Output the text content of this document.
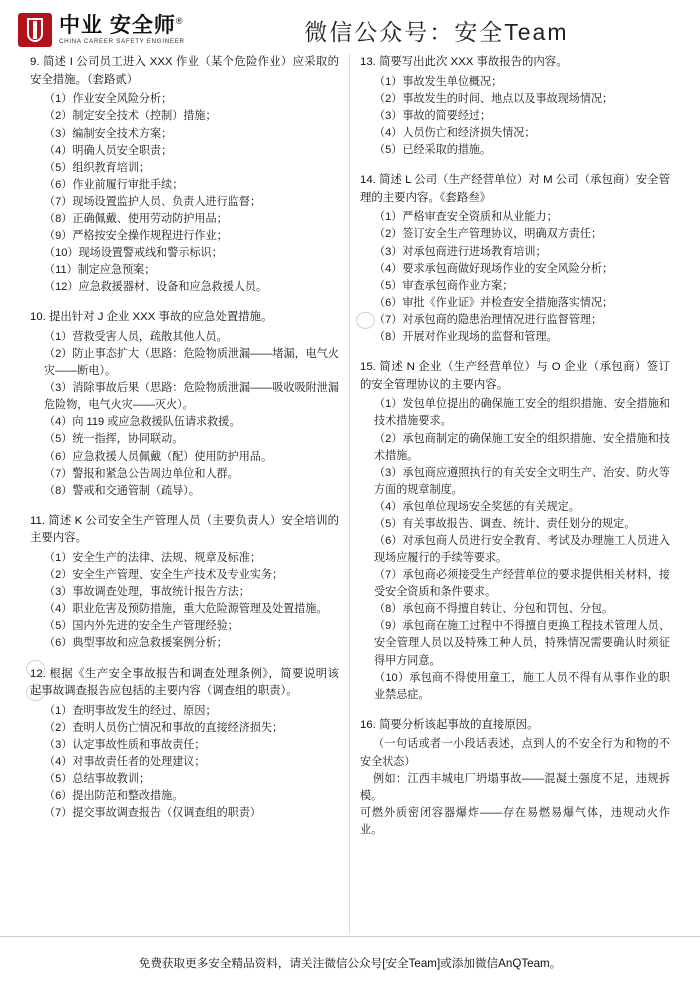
中业 安全师®
CHINA CAREER SAFETY ENGINEER	微信公众号：安全Team
9. 简述 I 公司员工进入 XXX 作业（某个危险作业）应采取的安全措施。（套路贰）
（1）作业安全风险分析；
（2）制定安全技术（控制）措施；
（3）编制安全技术方案；
（4）明确人员安全职责；
（5）组织教育培训；
（6）作业前履行审批手续；
（7）现场设置监护人员、负责人进行监督；
（8）正确佩戴、使用劳动防护用品；
（9）严格按安全操作规程进行作业；
（10）现场设置警戒线和警示标识；
（11）制定应急预案；
（12）应急救援器材、设备和应急救援人员。
10. 提出针对 J 企业 XXX 事故的应急处置措施。
（1）营救受害人员，疏散其他人员。
（2）防止事态扩大（思路：危险物质泄漏——堵漏，电气火灾——断电）。
（3）消除事故后果（思路：危险物质泄漏——吸收吸附泄漏危险物，电气火灾——灭火）。
（4）向 119 或应急救援队伍请求救援。
（5）统一指挥，协同联动。
（6）应急救援人员佩戴（配）使用防护用品。
（7）警报和紧急公告周边单位和人群。
（8）警戒和交通管制（疏导）。
11. 简述 K 公司安全生产管理人员（主要负责人）安全培训的主要内容。
（1）安全生产的法律、法规、规章及标准；
（2）安全生产管理、安全生产技术及专业实务；
（3）事故调查处理，事故统计报告方法；
（4）职业危害及预防措施，重大危险源管理及处置措施。
（5）国内外先进的安全生产管理经验；
（6）典型事故和应急救援案例分析；
12. 根据《生产安全事故报告和调查处理条例》，简要说明该起事故调查报告应包括的主要内容（调查组的职责）。
（1）查明事故发生的经过、原因；
（2）查明人员伤亡情况和事故的直接经济损失；
（3）认定事故性质和事故责任；
（4）对事故责任者的处理建议；
（5）总结事故教训；
（6）提出防范和整改措施。
（7）提交事故调查报告（仅调查组的职责）
13. 简要写出此次 XXX 事故报告的内容。
（1）事故发生单位概况；
（2）事故发生的时间、地点以及事故现场情况；
（3）事故的简要经过；
（4）人员伤亡和经济损失情况；
（5）已经采取的措施。
14. 简述 L 公司（生产经营单位）对 M 公司（承包商）安全管理的主要内容。《套路叁》
（1）严格审查安全资质和从业能力；
（2）签订安全生产管理协议，明确双方责任；
（3）对承包商进行进场教育培训；
（4）要求承包商做好现场作业的安全风险分析；
（5）审查承包商作业方案；
（6）审批《作业证》并检查安全措施落实情况；
（7）对承包商的隐患治理情况进行监督管理；
（8）开展对作业现场的监督和管理。
15. 简述 N 企业（生产经营单位）与 O 企业（承包商）签订的安全管理协议的主要内容。
（1）发包单位提出的确保施工安全的组织措施、安全措施和技术措施要求。
（2）承包商制定的确保施工安全的组织措施、安全措施和技术措施。
（3）承包商应遵照执行的有关安全文明生产、治安、防火等方面的规章制度。
（4）承包单位现场安全奖惩的有关规定。
（5）有关事故报告、调查、统计、责任划分的规定。
（6）对承包商人员进行安全教育、考试及办理施工人员进入现场应履行的手续等要求。
（7）承包商必须接受生产经营单位的要求提供相关材料，接受安全资质和条件要求。
（8）承包商不得擅自转让、分包和罚包、分包。
（9）承包商在施工过程中不得擅自更换工程技术管理人员、安全管理人员以及特殊工种人员，特殊情况需要确认时须征得甲方同意。
（10）承包商不得使用童工，施工人员不得有从事作业的职业禁忌症。
16. 简要分析该起事故的直接原因。
（一句话或者一小段话表述，点到人的不安全行为和物的不安全状态）
例如：江西丰城电厂坍塌事故——混凝土强度不足，违规拆模。
可燃外质密闭容器爆炸——存在易燃易爆气体，违规动火作业。
免费获取更多安全精品资料，请关注微信公众号[安全Team]或添加微信AnQTeam。
